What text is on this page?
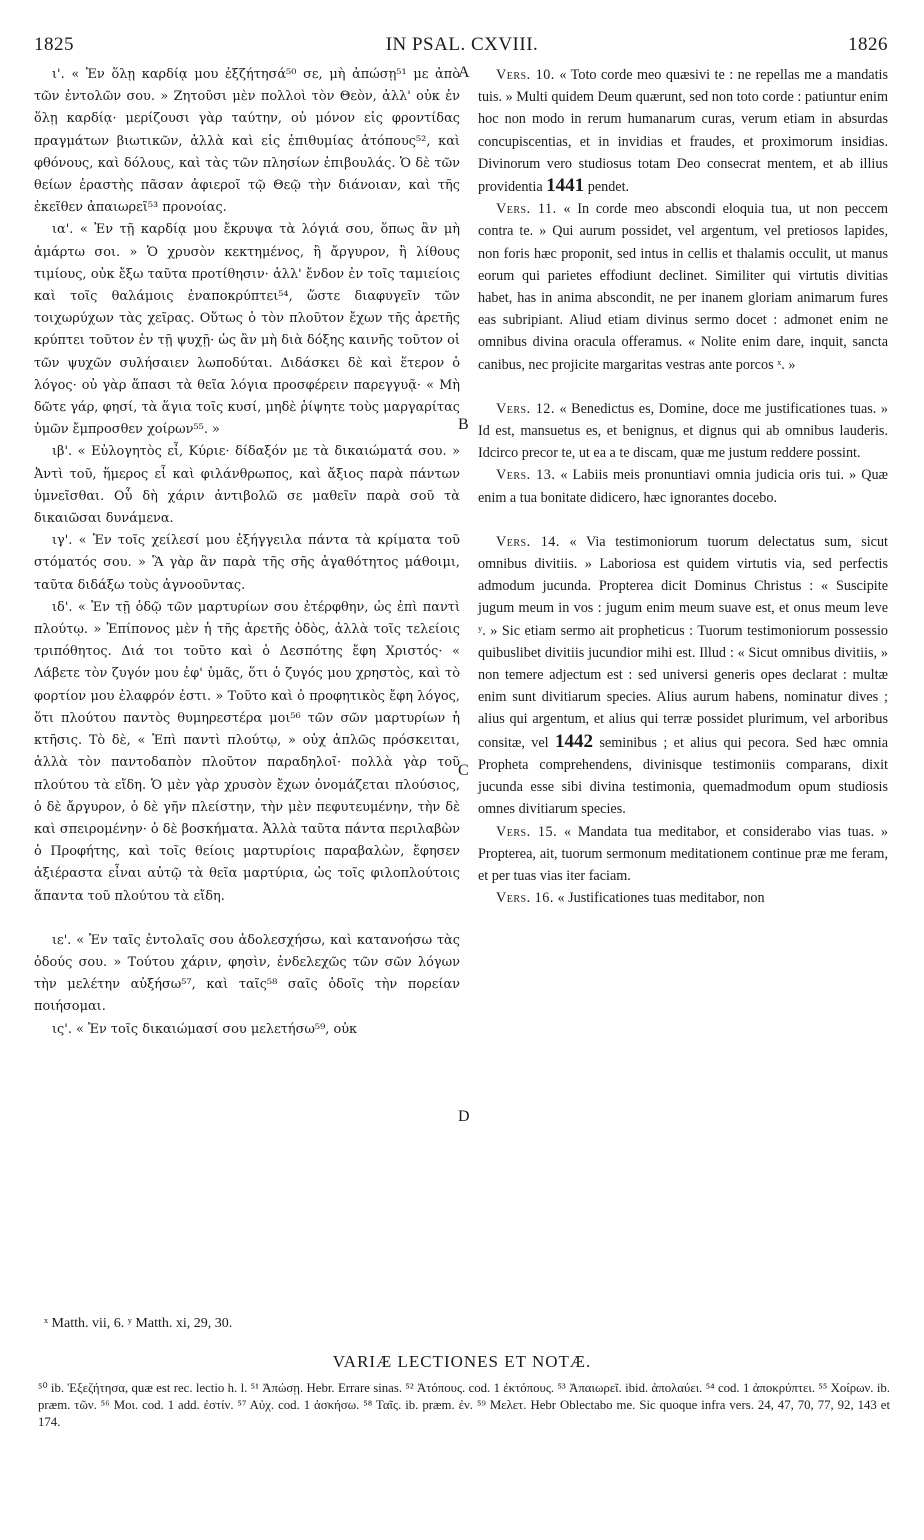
1825	IN PSAL. CXVIII.	1826
A
B
C
D

ι'. « Ἐν ὅλῃ καρδίᾳ μου ἐξζήτησά⁵⁰ σε, μὴ ἀπώσῃ⁵¹ με ἀπὸ τῶν ἐντολῶν σου. » Ζητοῦσι μὲν πολλοὶ τὸν Θεὸν, ἀλλ' οὐκ ἐν ὅλῃ καρδίᾳ· μερίζουσι γὰρ ταύτην, οὐ μόνον εἰς φροντίδας πραγμάτων βιωτικῶν, ἀλλὰ καὶ εἰς ἐπιθυμίας ἀτόπους⁵², καὶ φθόνους, καὶ δόλους, καὶ τὰς τῶν πλησίων ἐπιβουλάς. Ὁ δὲ τῶν θείων ἐραστὴς πᾶσαν ἀφιεροῖ τῷ Θεῷ τὴν διάνοιαν, καὶ τῆς ἐκεῖθεν ἀπαιωρεῖ⁵³ προνοίας.

ια'. « Ἐν τῇ καρδίᾳ μου ἔκρυψα τὰ λόγιά σου, ὅπως ἂν μὴ ἁμάρτω σοι. » Ὁ χρυσὸν κεκτημένος, ἢ ἄργυρον, ἢ λίθους τιμίους, οὐκ ἔξω ταῦτα προτίθησιν· ἀλλ' ἔνδον ἐν τοῖς ταμιείοις καὶ τοῖς θαλάμοις ἐναποκρύπτει⁵⁴, ὥστε διαφυγεῖν τῶν τοιχωρύχων τὰς χεῖρας. Οὕτως ὁ τὸν πλοῦτον ἔχων τῆς ἀρετῆς κρύπτει τοῦτον ἐν τῇ ψυχῇ· ὡς ἂν μὴ διὰ δόξης καινῆς τοῦτον οἱ τῶν ψυχῶν συλήσαιεν λωποδύται. Διδάσκει δὲ καὶ ἕτερον ὁ λόγος· οὐ γὰρ ἅπασι τὰ θεῖα λόγια προσφέρειν παρεγγυᾷ· « Μὴ δῶτε γάρ, φησί, τὰ ἅγια τοῖς κυσί, μηδὲ ῥίψητε τοὺς μαργαρίτας ὑμῶν ἔμπροσθεν χοίρων⁵⁵. »

ιβ'. « Εὐλογητὸς εἶ, Κύριε· δίδαξόν με τὰ δικαιώματά σου. » Ἀντὶ τοῦ, ἥμερος εἶ καὶ φιλάνθρωπος, καὶ ἄξιος παρὰ πάντων ὑμνεῖσθαι. Οὗ δὴ χάριν ἀντιβολῶ σε μαθεῖν παρὰ σοῦ τὰ δικαιῶσαι δυνάμενα.

ιγ'. « Ἐν τοῖς χείλεσί μου ἐξήγγειλα πάντα τὰ κρίματα τοῦ στόματός σου. » Ἃ γὰρ ἂν παρὰ τῆς σῆς ἀγαθότητος μάθοιμι, ταῦτα διδάξω τοὺς ἀγνοοῦντας.

ιδ'. « Ἐν τῇ ὁδῷ τῶν μαρτυρίων σου ἐτέρφθην, ὡς ἐπὶ παντὶ πλούτῳ. » Ἐπίπονος μὲν ἡ τῆς ἀρετῆς ὁδὸς, ἀλλὰ τοῖς τελείοις τριπόθητος. Διά τοι τοῦτο καὶ ὁ Δεσπότης ἔφη Χριστός· « Λάβετε τὸν ζυγόν μου ἐφ' ὑμᾶς, ὅτι ὁ ζυγός μου χρηστὸς, καὶ τὸ φορτίον μου ἐλαφρόν ἐστι. » Τοῦτο καὶ ὁ προφητικὸς ἔφη λόγος, ὅτι πλούτου παντὸς θυμηρεστέρα μοι⁵⁶ τῶν σῶν μαρτυρίων ἡ κτῆσις. Τὸ δὲ, « Ἐπὶ παντὶ πλούτῳ, » οὐχ ἁπλῶς πρόσκειται, ἀλλὰ τὸν παντοδαπὸν πλοῦτον παραδηλοῖ· πολλὰ γὰρ τοῦ πλούτου τὰ εἴδη. Ὁ μὲν γὰρ χρυσὸν ἔχων ὀνομάζεται πλούσιος, ὁ δὲ ἄργυρον, ὁ δὲ γῆν πλείστην, τὴν μὲν πεφυτευμένην, τὴν δὲ καὶ σπειρομένην· ὁ δὲ βοσκήματα. Ἀλλὰ ταῦτα πάντα περιλαβὼν ὁ Προφήτης, καὶ τοῖς θείοις μαρτυρίοις παραβαλὼν, ἔφησεν ἀξιέραστα εἶναι αὐτῷ τὰ θεῖα μαρτύρια, ὡς τοῖς φιλοπλούτοις ἅπαντα τοῦ πλούτου τὰ εἴδη.

ιε'. « Ἐν ταῖς ἐντολαῖς σου ἀδολεσχήσω, καὶ κατανοήσω τὰς ὁδούς σου. » Τούτου χάριν, φησὶν, ἐνδελεχῶς τῶν σῶν λόγων τὴν μελέτην αὐξήσω⁵⁷, καὶ ταῖς⁵⁸ σαῖς ὁδοῖς τὴν πορείαν ποιήσομαι.

ις'. « Ἐν τοῖς δικαιώμασί σου μελετήσω⁵⁹, οὐκ

Vers. 10. « Toto corde meo quæsivi te : ne repellas me a mandatis tuis. » Multi quidem Deum quærunt, sed non toto corde : patiuntur enim hoc non modo in rerum humanarum curas, verum etiam in absurdas concupiscentias, et in invidias et fraudes, et proximorum insidias. Divinorum vero studiosus totam Deo consecrat mentem, et ab illius providentia 1441 pendet.

Vers. 11. « In corde meo abscondi eloquia tua, ut non peccem contra te. » Qui aurum possidet, vel argentum, vel pretiosos lapides, non foris hæc proponit, sed intus in cellis et thalamis occulit, ut manus eorum qui parietes effodiunt declinet. Similiter qui virtutis divitias habet, has in anima abscondit, ne per inanem gloriam animarum fures eas subripiant. Aliud etiam divinus sermo docet : admonet enim ne omnibus divina oracula offeramus. « Nolite enim dare, inquit, sancta canibus, nec projicite margaritas vestras ante porcos ˣ. »

Vers. 12. « Benedictus es, Domine, doce me justificationes tuas. » Id est, mansuetus es, et benignus, et dignus qui ab omnibus lauderis. Idcirco precor te, ut ea a te discam, quæ me justum reddere possint.

Vers. 13. « Labiis meis pronuntiavi omnia judicia oris tui. » Quæ enim a tua bonitate didicero, hæc ignorantes docebo.

Vers. 14. « Via testimoniorum tuorum delectatus sum, sicut omnibus divitiis. » Laboriosa est quidem virtutis via, sed perfectis admodum jucunda. Propterea dicit Dominus Christus : « Suscipite jugum meum in vos : jugum enim meum suave est, et onus meum leve ʸ. » Sic etiam sermo ait propheticus : Tuorum testimoniorum possessio quibuslibet divitiis jucundior mihi est. Illud : « Sicut omnibus divitiis, » non temere adjectum est : sed universi generis opes declarat : multæ enim sunt divitiarum species. Alius aurum habens, nominatur dives ; alius qui argentum, et alius qui terræ possidet plurimum, vel arboribus consitæ, vel 1442 seminibus ; et alius qui pecora. Sed hæc omnia Propheta comprehendens, divinisque testimoniis comparans, dixit jucunda esse sibi divina testimonia, quemadmodum opum studiosis omnes divitiarum species.

Vers. 15. « Mandata tua meditabor, et considerabo vias tuas. » Propterea, ait, tuorum sermonum meditationem continue præ me feram, et per tuas vias iter faciam.

Vers. 16. « Justificationes tuas meditabor, non

ˣ Matth. vii, 6. ʸ Matth. xi, 29, 30.
VARIÆ LECTIONES ET NOTÆ.
⁵⁰ ib. Ἐξεζήτησα, quæ est rec. lectio h. l. ⁵¹ Ἀπώσῃ. Hebr. Errare sinas. ⁵² Ἀτόπους. cod. 1 ἐκτόπους. ⁵³ Ἀπαιωρεῖ. ibid. ἀπολαύει. ⁵⁴ cod. 1 ἀποκρύπτει. ⁵⁵ Χοίρων. ib. præm. τῶν. ⁵⁶ Μοι. cod. 1 add. ἐστίν. ⁵⁷ Αὐχ. cod. 1 ἀσκήσω. ⁵⁸ Ταῖς. ib. præm. ἐν. ⁵⁹ Μελετ. Hebr Oblectabo me. Sic quoque infra vers. 24, 47, 70, 77, 92, 143 et 174.
